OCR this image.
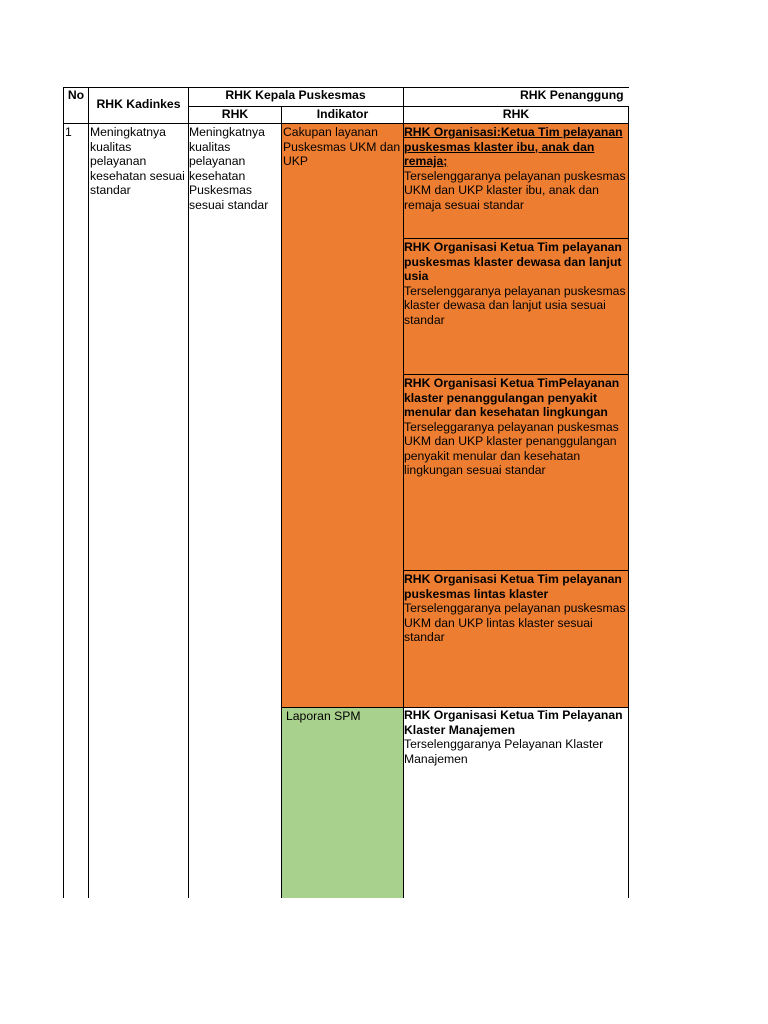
No
RHK Kadinkes
RHK Kepala Puskesmas
RHK	Indikator
RHK Penanggung
RHK
1	Meningkatnya kualitas pelayanan kesehatan sesuai standar
Meningkatnya kualitas pelayanan kesehatan Puskesmas sesuai standar
Cakupan layanan Puskesmas UKM dan UKP
Laporan SPM
RHK Organisasi:Ketua Tim pelayanan puskesmas klaster ibu, anak dan remaja;
Terselenggaranya pelayanan puskesmas UKM dan UKP klaster ibu, anak dan remaja sesuai standar
RHK Organisasi Ketua Tim pelayanan puskesmas klaster dewasa dan lanjut usia
Terselenggaranya pelayanan puskesmas klaster dewasa dan lanjut usia sesuai standar
RHK Organisasi Ketua TimPelayanan klaster penanggulangan penyakit menular dan kesehatan lingkungan
Terseleggaranya pelayanan puskesmas UKM dan UKP klaster penanggulangan penyakit menular dan kesehatan lingkungan sesuai standar
RHK Organisasi Ketua Tim pelayanan puskesmas lintas klaster
Terselenggaranya pelayanan puskesmas UKM dan UKP lintas klaster sesuai standar
RHK Organisasi Ketua Tim Pelayanan Klaster Manajemen
Terselenggaranya Pelayanan Klaster Manajemen
